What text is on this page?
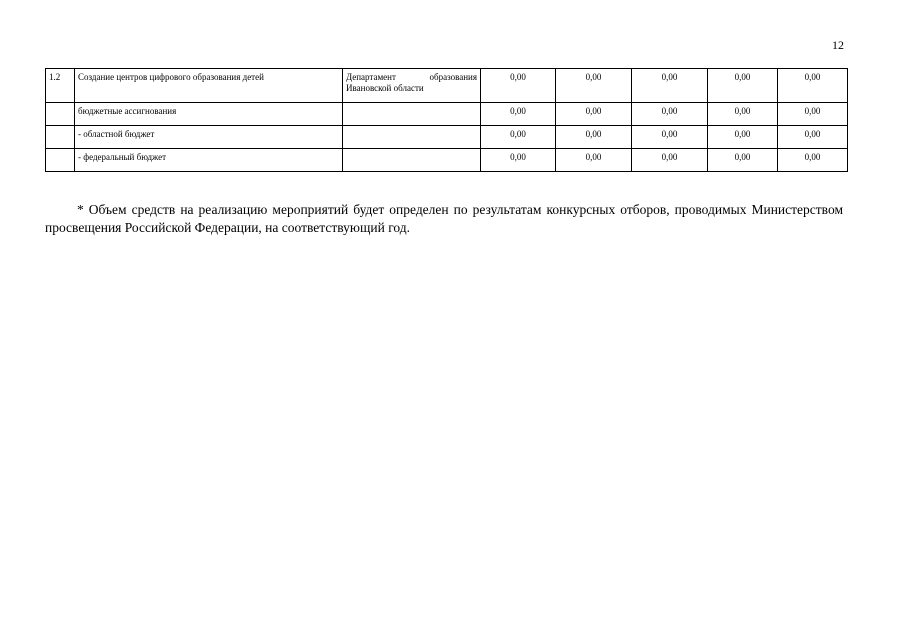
12
1.2	Создание центров цифрового образования детей	Департамент образования
Ивановской области	0,00	0,00	0,00	0,00	0,00
	бюджетные ассигнования		0,00	0,00	0,00	0,00	0,00
	- областной бюджет		0,00	0,00	0,00	0,00	0,00
	- федеральный бюджет		0,00	0,00	0,00	0,00	0,00

* Объем средств на реализацию мероприятий будет определен по результатам конкурсных отборов, проводимых Министерством просвещения Российской Федерации, на соответствующий год.
